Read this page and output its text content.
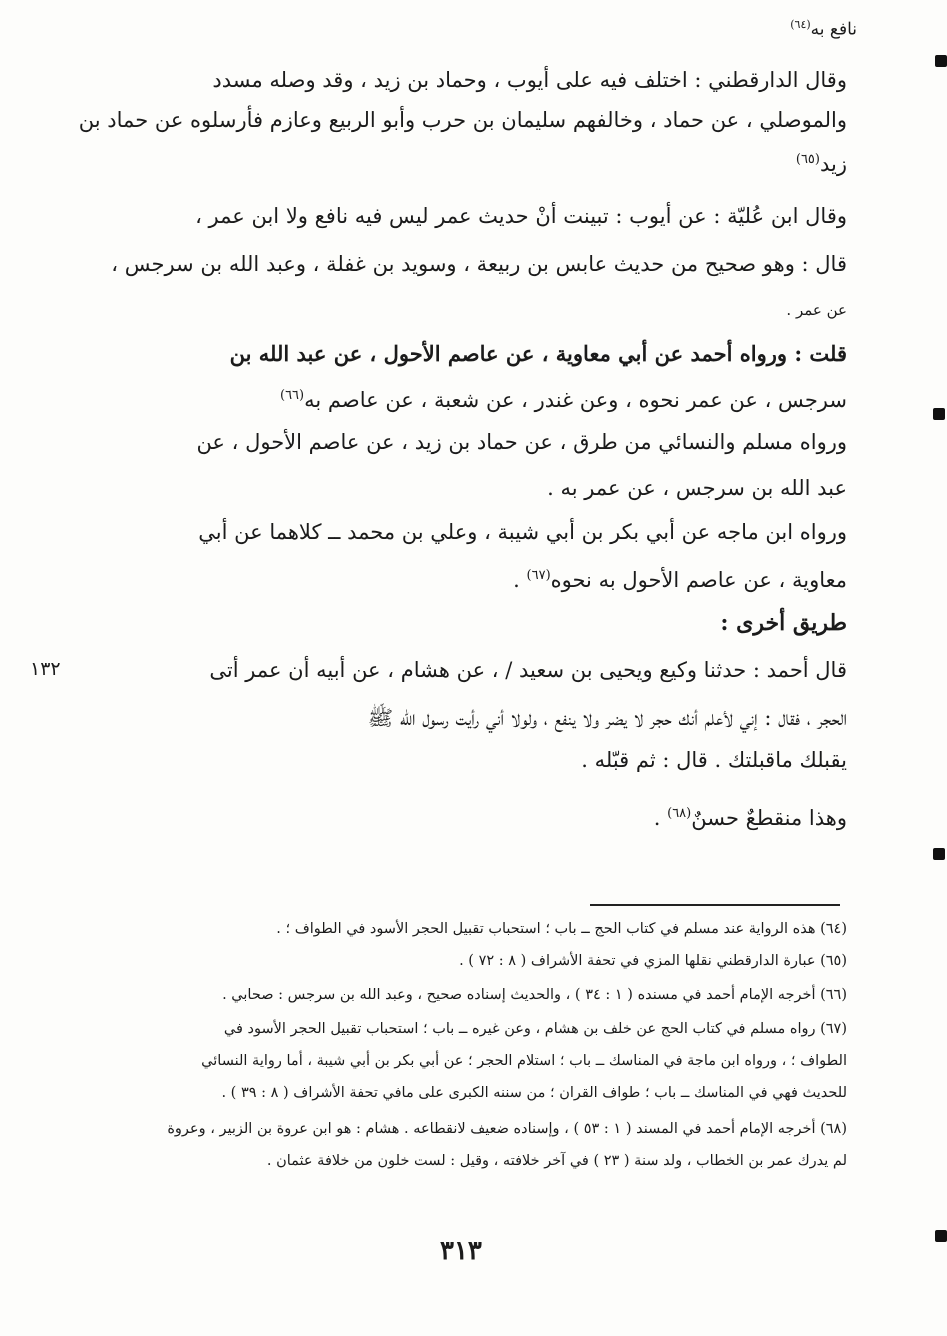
نافع به$^{(٦٤)}$
وقال الدارقطني : اختلف فيه على أيوب ، وحماد بن زيد ، وقد وصله مسدد
والموصلي ، عن حماد ، وخالفهم سليمان بن حرب وأبو الربيع وعازم فأرسلوه عن حماد بن
زيد$^{(٦٥)}$
وقال ابن عُليّة : عن أيوب : تبينت أنْ حديث عمر ليس فيه نافع ولا ابن عمر ،
قال : وهو صحيح من حديث عابس بن ربيعة ، وسويد بن غفلة ، وعبد الله بن سرجس ،
عن عمر .
قلت : ورواه أحمد عن أبي معاوية ، عن عاصم الأحول ، عن عبد الله بن
سرجس ، عن عمر نحوه ، وعن غندر ، عن شعبة ، عن عاصم به$^{(٦٦)}$
ورواه مسلم والنسائي من طرق ، عن حماد بن زيد ، عن عاصم الأحول ، عن
عبد الله بن سرجس ، عن عمر به .
ورواه ابن ماجه عن أبي بكر بن أبي شيبة ، وعلي بن محمد ــ كلاهما عن أبي
معاوية ، عن عاصم الأحول به نحوه$^{(٦٧)}$ .
طريق أخرى :
١٣٢	قال أحمد : حدثنا وكيع ويحيى بن سعيد / ، عن هشام ، عن أبيه أن عمر أتى
الحجر ، فقال : إني لأعلم أنك حجر لا يضر ولا ينفع ، ولولا أني رأيت رسول الله ﷺ
يقبلك ماقبلتك . قال : ثم قبّله .
وهذا منقطعٌ حسنٌ$^{(٦٨)}$ .
(٦٤) هذه الرواية عند مسلم في كتاب الحج ــ باب ؛ استحباب تقبيل الحجر الأسود في الطواف ؛ .
(٦٥) عبارة الدارقطني نقلها المزي في تحفة الأشراف ( ٨ : ٧٢ ) .
(٦٦) أخرجه الإمام أحمد في مسنده ( ١ : ٣٤ ) ، والحديث إسناده صحيح ، وعبد الله بن سرجس : صحابي .
(٦٧) رواه مسلم في كتاب الحج عن خلف بن هشام ، وعن غيره ــ باب ؛ استحباب تقبيل الحجر الأسود في
الطواف ؛ ، ورواه ابن ماجة في المناسك ــ باب ؛ استلام الحجر ؛ عن أبي بكر بن أبي شيبة ، أما رواية النسائي
للحديث فهي في المناسك ــ باب ؛ طواف القران ؛ من سننه الكبرى على مافي تحفة الأشراف ( ٨ : ٣٩ ) .
(٦٨) أخرجه الإمام أحمد في المسند ( ١ : ٥٣ ) ، وإسناده ضعيف لانقطاعه . هشام : هو ابن عروة بن الزبير ، وعروة
لم يدرك عمر بن الخطاب ، ولد سنة ( ٢٣ ) في آخر خلافته ، وقيل : لست خلون من خلافة عثمان .
٣١٣
